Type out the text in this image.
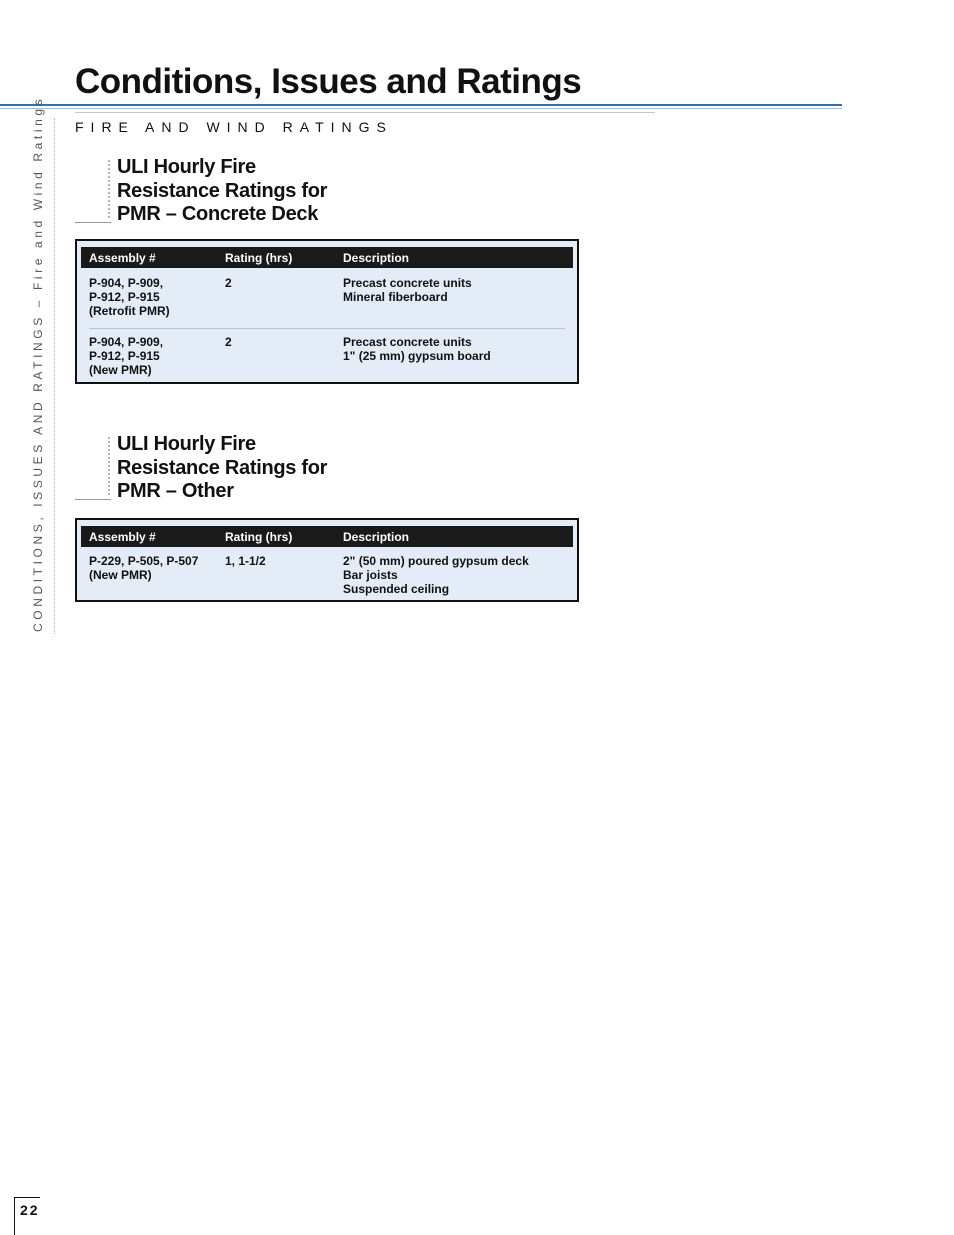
Conditions, Issues and Ratings
FIRE AND WIND RATINGS
CONDITIONS, ISSUES AND RATINGS – Fire and Wind Ratings	ULI Hourly Fire
Resistance Ratings for
PMR – Concrete Deck
Assembly #	Rating (hrs)	Description
P-904, P-909,
P-912, P-915
(Retrofit PMR)
2	Precast concrete units
Mineral fiberboard
P-904, P-909,
P-912, P-915
(New PMR)
2	Precast concrete units
1" (25 mm) gypsum board
ULI Hourly Fire
Resistance Ratings for
PMR – Other
Assembly #	Rating (hrs)	Description
P-229, P-505, P-507
(New PMR)
1, 1-1/2	2" (50 mm) poured gypsum deck
Bar joists
Suspended ceiling
22
